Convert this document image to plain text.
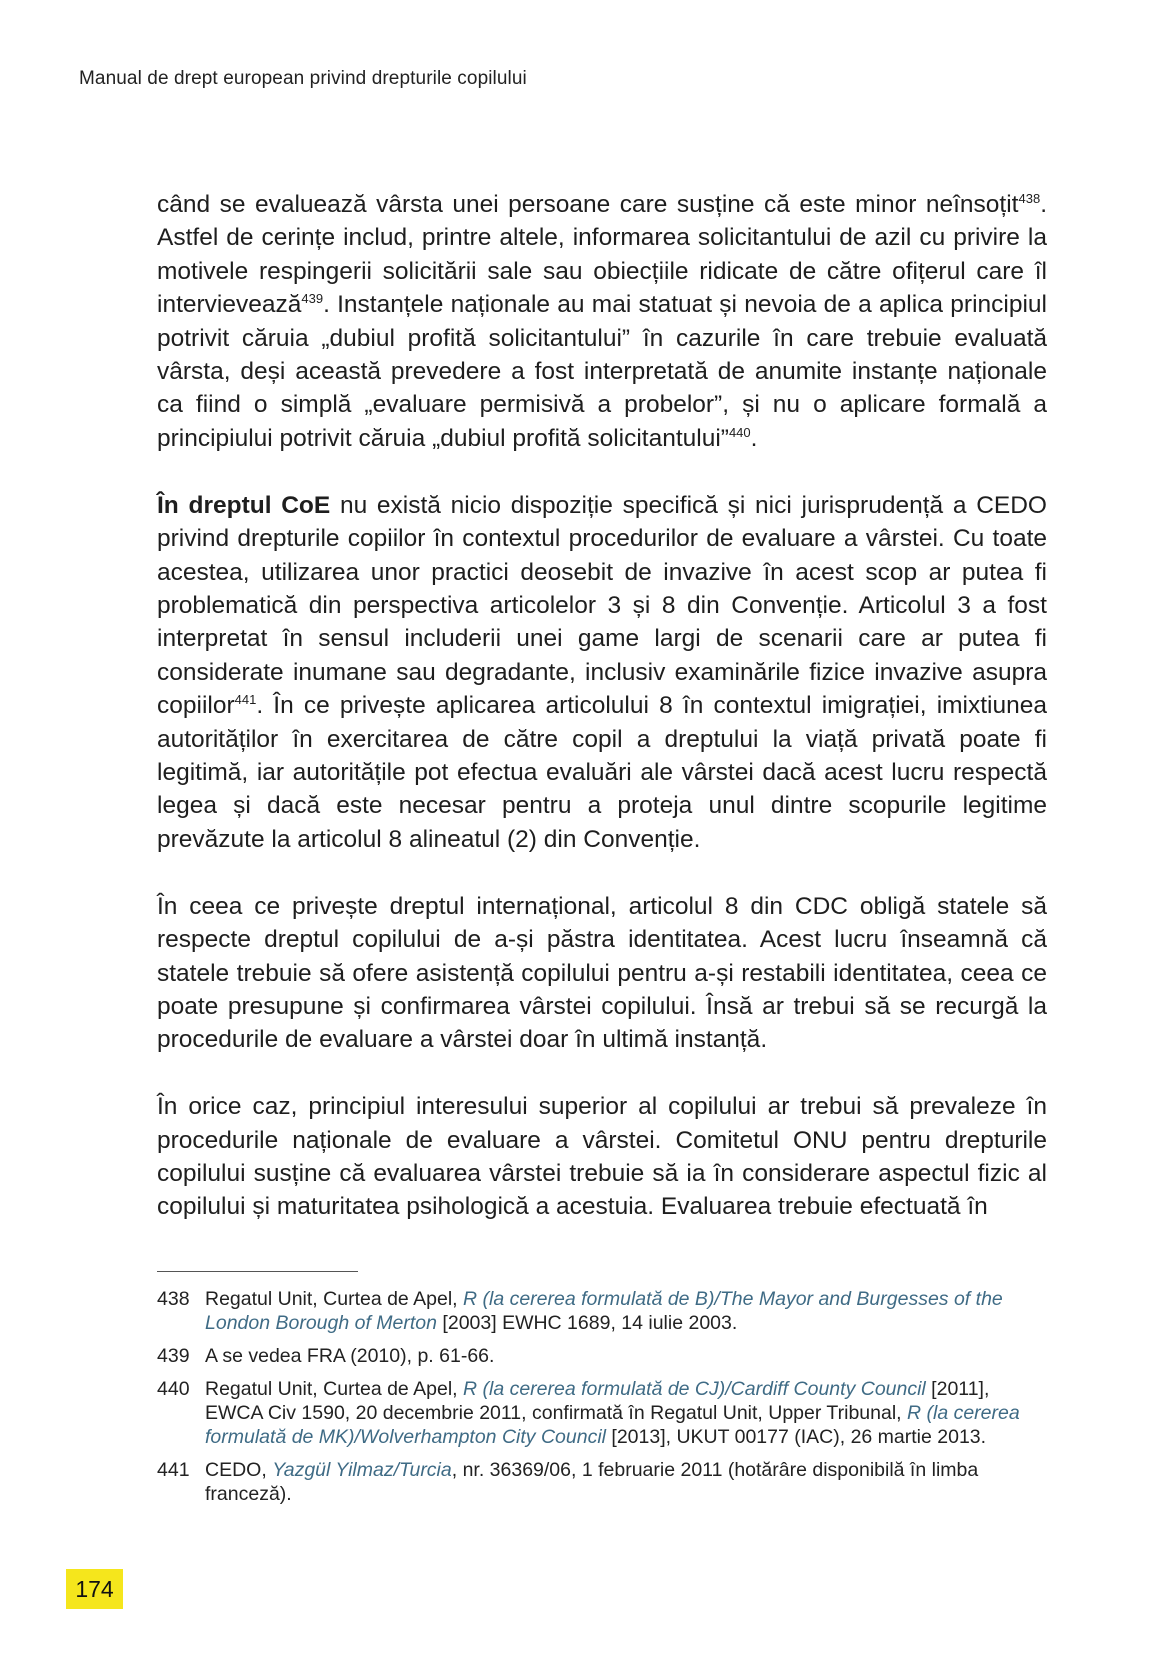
Manual de drept european privind drepturile copilului

când se evaluează vârsta unei persoane care susține că este minor neînsoțit$^{438}$. Astfel de cerințe includ, printre altele, informarea solicitantului de azil cu privire la motivele respingerii solicitării sale sau obiecțiile ridicate de către ofițerul care îl intervievează$^{439}$. Instanțele naționale au mai statuat și nevoia de a aplica principiul potrivit căruia „dubiul profită solicitantului” în cazurile în care trebuie evaluată vârsta, deși această prevedere a fost interpretată de anumite instanțe naționale ca fiind o simplă „evaluare permisivă a probelor”, și nu o aplicare formală a principiului potrivit căruia „dubiul profită solicitantului”$^{440}$.

În dreptul CoE nu există nicio dispoziție specifică și nici jurisprudență a CEDO privind drepturile copiilor în contextul procedurilor de evaluare a vârstei. Cu toate acestea, utilizarea unor practici deosebit de invazive în acest scop ar putea fi problematică din perspectiva articolelor 3 și 8 din Convenție. Articolul 3 a fost interpretat în sensul includerii unei game largi de scenarii care ar putea fi considerate inumane sau degradante, inclusiv examinările fizice invazive asupra copiilor$^{441}$. În ce privește aplicarea articolului 8 în contextul imigrației, imixtiunea autorităților în exercitarea de către copil a dreptului la viață privată poate fi legitimă, iar autoritățile pot efectua evaluări ale vârstei dacă acest lucru respectă legea și dacă este necesar pentru a proteja unul dintre scopurile legitime prevăzute la articolul 8 alineatul (2) din Convenție.

În ceea ce privește dreptul internațional, articolul 8 din CDC obligă statele să respecte dreptul copilului de a-și păstra identitatea. Acest lucru înseamnă că statele trebuie să ofere asistență copilului pentru a-și restabili identitatea, ceea ce poate presupune și confirmarea vârstei copilului. Însă ar trebui să se recurgă la procedurile de evaluare a vârstei doar în ultimă instanță.

În orice caz, principiul interesului superior al copilului ar trebui să prevaleze în procedurile naționale de evaluare a vârstei. Comitetul ONU pentru drepturile copilului susține că evaluarea vârstei trebuie să ia în considerare aspectul fizic al copilului și maturitatea psihologică a acestuia. Evaluarea trebuie efectuată în

438 Regatul Unit, Curtea de Apel, R (la cererea formulată de B)/The Mayor and Burgesses of the London Borough of Merton [2003] EWHC 1689, 14 iulie 2003.
439 A se vedea FRA (2010), p. 61-66.
440 Regatul Unit, Curtea de Apel, R (la cererea formulată de CJ)/Cardiff County Council [2011], EWCA Civ 1590, 20 decembrie 2011, confirmată în Regatul Unit, Upper Tribunal, R (la cererea formulată de MK)/Wolverhampton City Council [2013], UKUT 00177 (IAC), 26 martie 2013.
441 CEDO, Yazgül Yilmaz/Turcia, nr. 36369/06, 1 februarie 2011 (hotărâre disponibilă în limba franceză).
174
